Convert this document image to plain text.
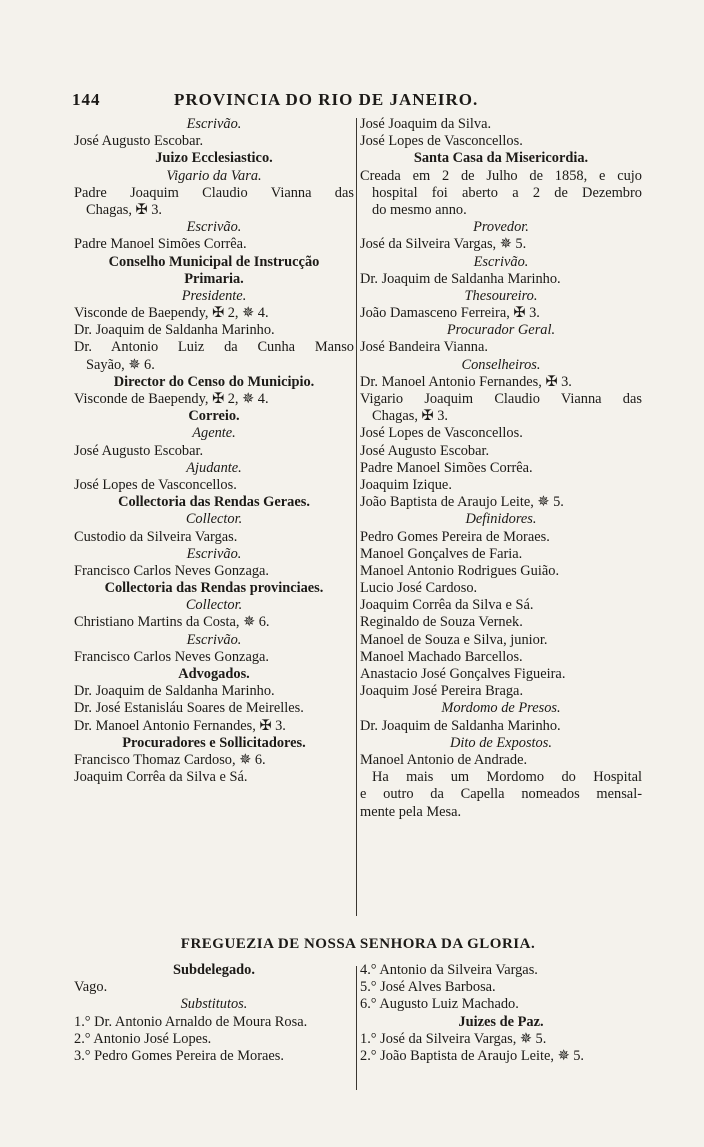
144	PROVINCIA DO RIO DE JANEIRO.
Escrivão.
José Augusto Escobar.
Juizo Ecclesiastico.
Vigario da Vara.
Padre Joaquim Claudio Vianna das
Chagas, ✠ 3.
Escrivão.
Padre Manoel Simões Corrêa.
Conselho Municipal de Instrucção
Primaria.
Presidente.
Visconde de Baependy, ✠ 2, ✵ 4.
Dr. Joaquim de Saldanha Marinho.
Dr. Antonio Luiz da Cunha Manso
Sayão, ✵ 6.
Director do Censo do Municipio.
Visconde de Baependy, ✠ 2, ✵ 4.
Correio.
Agente.
José Augusto Escobar.
Ajudante.
José Lopes de Vasconcellos.
Collectoria das Rendas Geraes.
Collector.
Custodio da Silveira Vargas.
Escrivão.
Francisco Carlos Neves Gonzaga.
Collectoria das Rendas provinciaes.
Collector.
Christiano Martins da Costa, ✵ 6.
Escrivão.
Francisco Carlos Neves Gonzaga.
Advogados.
Dr. Joaquim de Saldanha Marinho.
Dr. José Estanisláu Soares de Meirelles.
Dr. Manoel Antonio Fernandes, ✠ 3.
Procuradores e Sollicitadores.
Francisco Thomaz Cardoso, ✵ 6.
Joaquim Corrêa da Silva e Sá.
José Joaquim da Silva.
José Lopes de Vasconcellos.
Santa Casa da Misericordia.
Creada em 2 de Julho de 1858, e cujo
hospital foi aberto a 2 de Dezembro
do mesmo anno.
Provedor.
José da Silveira Vargas, ✵ 5.
Escrivão.
Dr. Joaquim de Saldanha Marinho.
Thesoureiro.
João Damasceno Ferreira, ✠ 3.
Procurador Geral.
José Bandeira Vianna.
Conselheiros.
Dr. Manoel Antonio Fernandes, ✠ 3.
Vigario Joaquim Claudio Vianna das
Chagas, ✠ 3.
José Lopes de Vasconcellos.
José Augusto Escobar.
Padre Manoel Simões Corrêa.
Joaquim Izique.
João Baptista de Araujo Leite, ✵ 5.
Definidores.
Pedro Gomes Pereira de Moraes.
Manoel Gonçalves de Faria.
Manoel Antonio Rodrigues Guião.
Lucio José Cardoso.
Joaquim Corrêa da Silva e Sá.
Reginaldo de Souza Vernek.
Manoel de Souza e Silva, junior.
Manoel Machado Barcellos.
Anastacio José Gonçalves Figueira.
Joaquim José Pereira Braga.
Mordomo de Presos.
Dr. Joaquim de Saldanha Marinho.
Dito de Expostos.
Manoel Antonio de Andrade.
Ha mais um Mordomo do Hospital
e outro da Capella nomeados mensal-
mente pela Mesa.
FREGUEZIA DE NOSSA SENHORA DA GLORIA.
Subdelegado.
Vago.
Substitutos.
1.° Dr. Antonio Arnaldo de Moura Rosa.
2.° Antonio José Lopes.
3.° Pedro Gomes Pereira de Moraes.
4.° Antonio da Silveira Vargas.
5.° José Alves Barbosa.
6.° Augusto Luiz Machado.
Juizes de Paz.
1.° José da Silveira Vargas, ✵ 5.
2.° João Baptista de Araujo Leite, ✵ 5.
